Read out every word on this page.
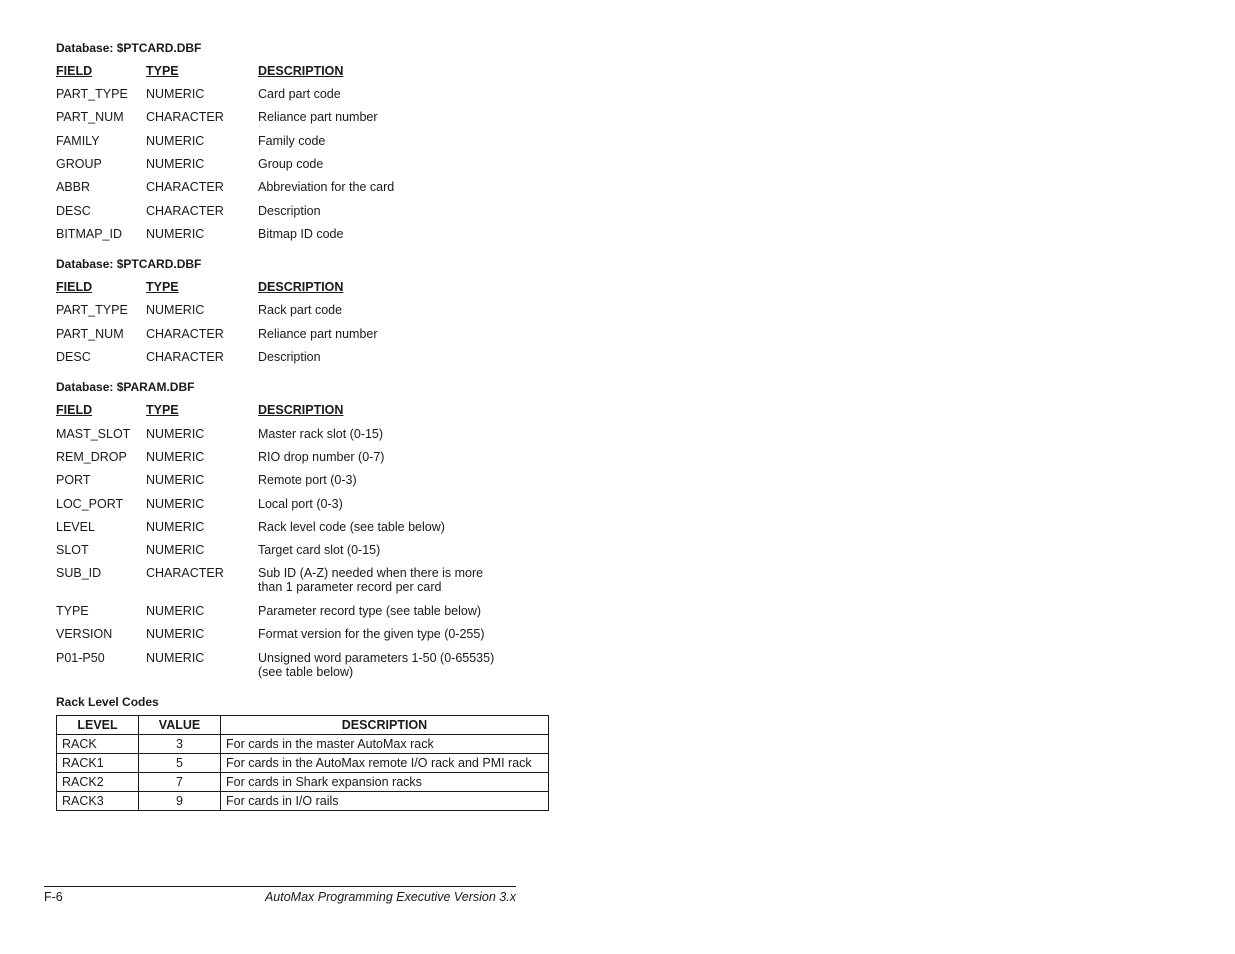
Database: $PTCARD.DBF
FIELD	TYPE	DESCRIPTION
PART_TYPE	NUMERIC	Card part code
PART_NUM	CHARACTER	Reliance part number
FAMILY	NUMERIC	Family code
GROUP	NUMERIC	Group code
ABBR	CHARACTER	Abbreviation for the card
DESC	CHARACTER	Description
BITMAP_ID	NUMERIC	Bitmap ID code
Database: $PTCARD.DBF
FIELD	TYPE	DESCRIPTION
PART_TYPE	NUMERIC	Rack part code
PART_NUM	CHARACTER	Reliance part number
DESC	CHARACTER	Description
Database: $PARAM.DBF
FIELD	TYPE	DESCRIPTION
MAST_SLOT	NUMERIC	Master rack slot (0-15)
REM_DROP	NUMERIC	RIO drop number (0-7)
PORT	NUMERIC	Remote port (0-3)
LOC_PORT	NUMERIC	Local port (0-3)
LEVEL	NUMERIC	Rack level code (see table below)
SLOT	NUMERIC	Target card slot (0-15)
SUB_ID	CHARACTER	Sub ID (A-Z) needed when there is more
than 1 parameter record per card
TYPE	NUMERIC	Parameter record type (see table below)
VERSION	NUMERIC	Format version for the given type (0-255)
P01-P50	NUMERIC	Unsigned word parameters 1-50 (0-65535)
(see table below)
Rack Level Codes
LEVEL	VALUE	DESCRIPTION
RACK	3	For cards in the master AutoMax rack
RACK1	5	For cards in the AutoMax remote I/O rack and PMI rack
RACK2	7	For cards in Shark expansion racks
RACK3	9	For cards in I/O rails
F-6	AutoMax Programming Executive Version 3.x
